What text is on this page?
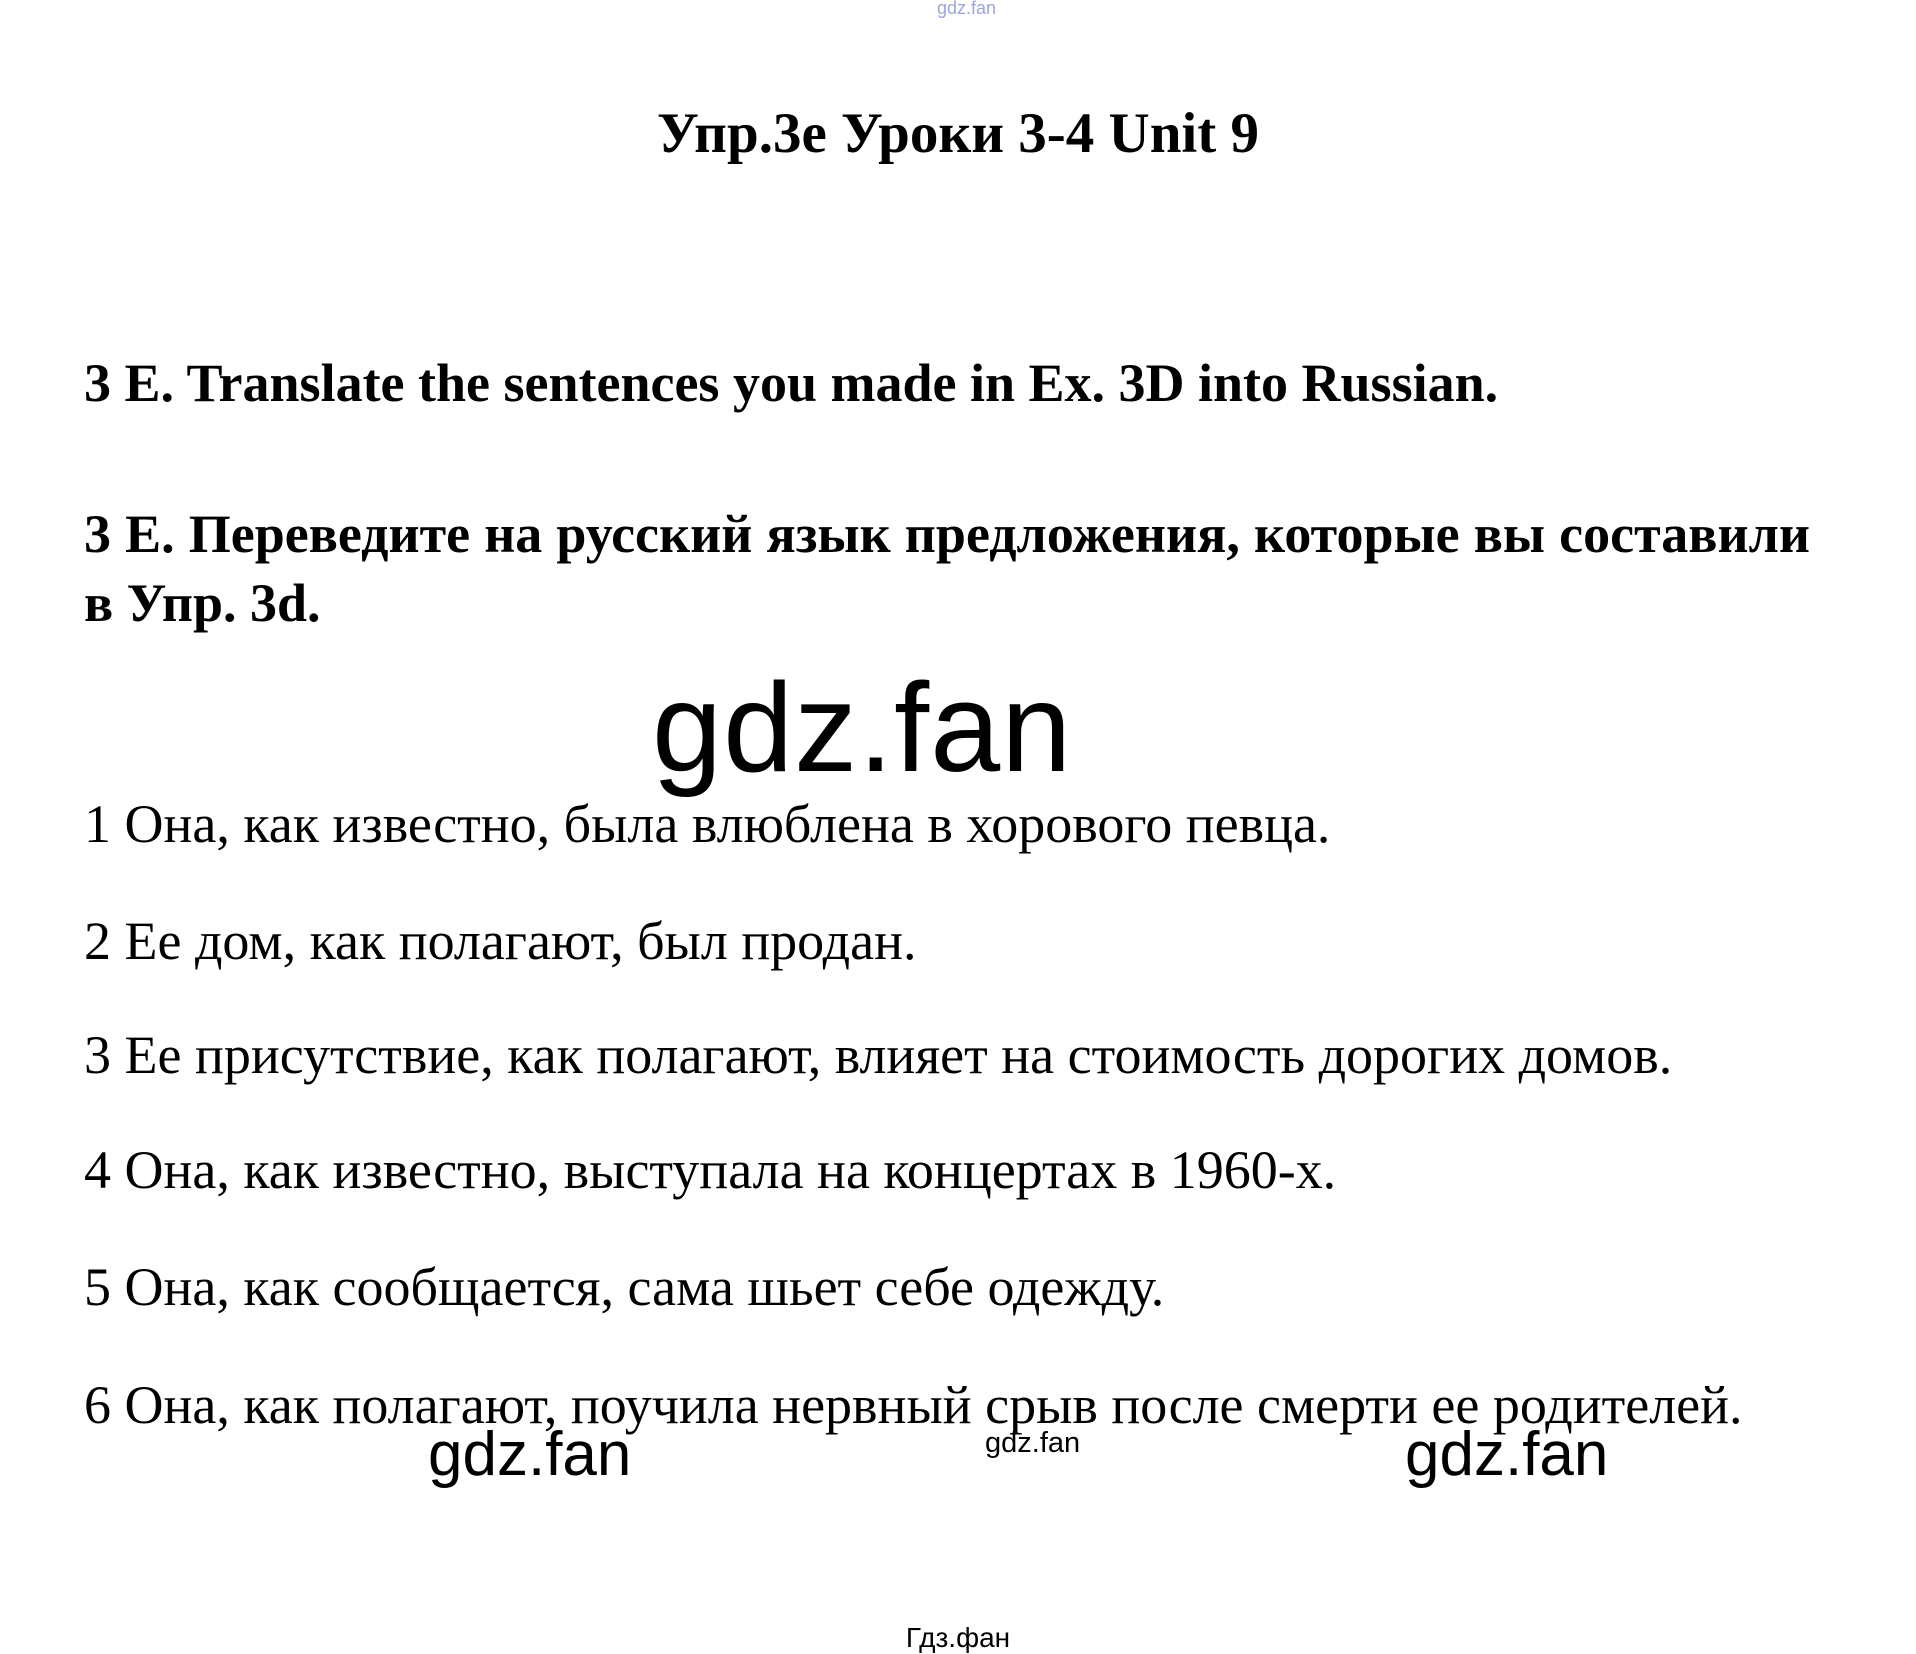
gdz.fan
Упр.3е Уроки 3-4 Unit 9

3 E. Translate the sentences you made in Ex. 3D into Russian.

3 Е. Переведите на русский язык предложения, которые вы составили в Упр. 3d.

gdz.fan

1 Она, как известно, была влюблена в хорового певца.

2 Ее дом, как полагают, был продан.

3 Ее присутствие, как полагают, влияет на стоимость дорогих домов.

4 Она, как известно, выступала на концертах в 1960-х.

5 Она, как сообщается, сама шьет себе одежду.

6 Она, как полагают, поучила нервный срыв после смерти ее родителей.

gdz.fan	gdz.fan	gdz.fan
Гдз.фан
